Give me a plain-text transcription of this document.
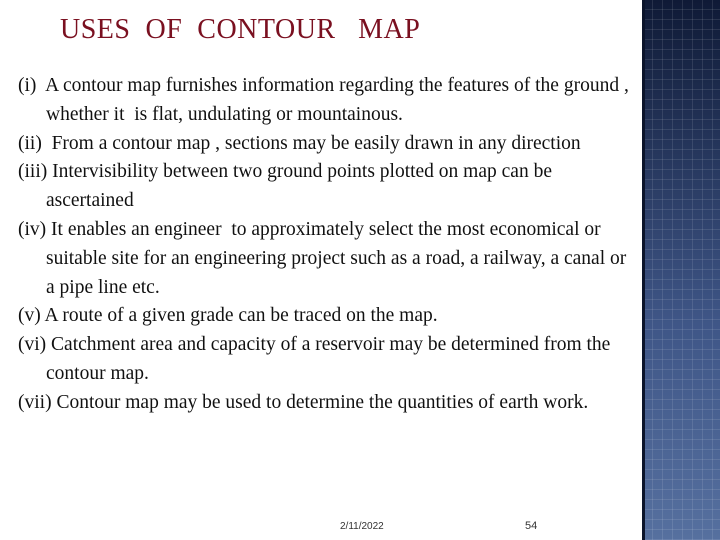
USES  OF  CONTOUR   MAP
(i)  A contour map furnishes information regarding the features of the ground , whether it  is flat, undulating or mountainous.
(ii)  From a contour map , sections may be easily drawn in any direction
(iii) Intervisibility between two ground points plotted on map can be ascertained
(iv) It enables an engineer  to approximately select the most economical or suitable site for an engineering project such as a road, a railway, a canal or a pipe line etc.
(v) A route of a given grade can be traced on the map.
(vi) Catchment area and capacity of a reservoir may be determined from the contour map.
(vii) Contour map may be used to determine the quantities of earth work.
2/11/2022	54
